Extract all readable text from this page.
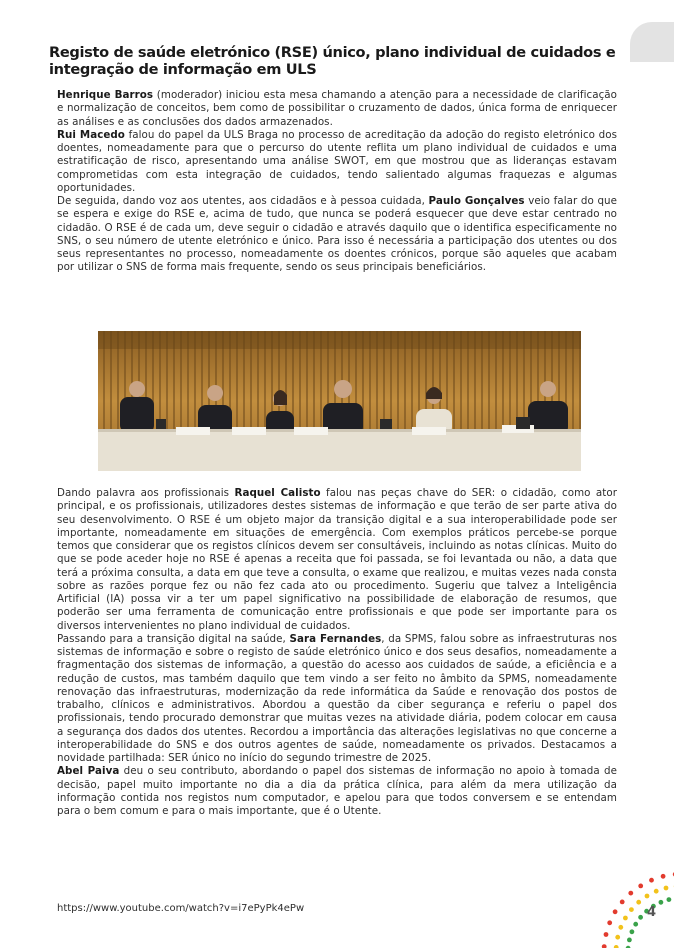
Registo de saúde eletrónico (RSE) único, plano individual de cuidados e integração de informação em ULS

Henrique Barros (moderador) iniciou esta mesa chamando a atenção para a necessidade de clarificação e normalização de conceitos, bem como de possibilitar o cruzamento de dados, única forma de enriquecer as análises e as conclusões dos dados armazenados.

Rui Macedo falou do papel da ULS Braga no processo de acreditação da adoção do registo eletrónico dos doentes, nomeadamente para que o percurso do utente reflita um plano individual de cuidados e uma estratificação de risco, apresentando uma análise SWOT, em que mostrou que as lideranças estavam comprometidas com esta integração de cuidados, tendo salientado algumas fraquezas e algumas oportunidades.

De seguida, dando voz aos utentes, aos cidadãos e à pessoa cuidada, Paulo Gonçalves veio falar do que se espera e exige do RSE e, acima de tudo, que nunca se poderá esquecer que deve estar centrado no cidadão. O RSE é de cada um, deve seguir o cidadão e através daquilo que o identifica especificamente no SNS, o seu número de utente eletrónico e único. Para isso é necessária a participação dos utentes ou dos seus representantes no processo, nomeadamente os doentes crónicos, porque são aqueles que acabam por utilizar o SNS de forma mais frequente, sendo os seus principais beneficiários.

Dando palavra aos profissionais Raquel Calisto falou nas peças chave do SER: o cidadão, como ator principal, e os profissionais, utilizadores destes sistemas de informação e que terão de ser parte ativa do seu desenvolvimento. O RSE é um objeto major da transição digital e a sua interoperabilidade pode ser importante, nomeadamente em situações de emergência. Com exemplos práticos percebe-se porque temos que considerar que os registos clínicos devem ser consultáveis, incluindo as notas clínicas. Muito do que se pode aceder hoje no RSE é apenas a receita que foi passada, se foi levantada ou não, a data que terá a próxima consulta, a data em que teve a consulta, o exame que realizou, e muitas vezes nada consta sobre as razões porque fez ou não fez cada ato ou procedimento. Sugeriu que talvez a Inteligência Artificial (IA) possa vir a ter um papel significativo na possibilidade de elaboração de resumos, que poderão ser uma ferramenta de comunicação entre profissionais e que pode ser importante para os diversos intervenientes no plano individual de cuidados.

Passando para a transição digital na saúde, Sara Fernandes, da SPMS, falou sobre as infraestruturas nos sistemas de informação e sobre o registo de saúde eletrónico único e dos seus desafios, nomeadamente a fragmentação dos sistemas de informação, a questão do acesso aos cuidados de saúde, a eficiência e a redução de custos, mas também daquilo que tem vindo a ser feito no âmbito da SPMS, nomeadamente renovação das infraestruturas, modernização da rede informática da Saúde e renovação dos postos de trabalho, clínicos e administrativos. Abordou a questão da ciber segurança e referiu o papel dos profissionais, tendo procurado demonstrar que muitas vezes na atividade diária, podem colocar em causa a segurança dos dados dos utentes. Recordou a importância das alterações legislativas no que concerne a interoperabilidade do SNS e dos outros agentes de saúde, nomeadamente os privados. Destacamos a novidade partilhada: SER único no início do segundo trimestre de 2025.

Abel Paiva deu o seu contributo, abordando o papel dos sistemas de informação no apoio à tomada de decisão, papel muito importante no dia a dia da prática clínica, para além da mera utilização da informação contida nos registos num computador, e apelou para que todos conversem e se entendam para o bem comum e para o mais importante, que é o Utente.

https://www.youtube.com/watch?v=i7ePyPk4ePw	4
